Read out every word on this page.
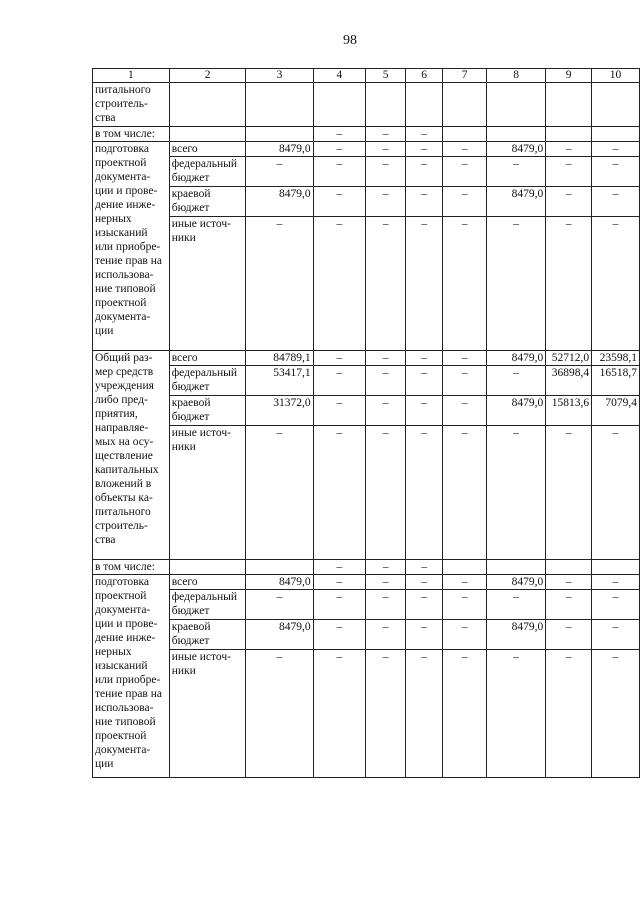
98
1	2	3	4	5	6	7	8	9	10
питального строитель-ства									
в том числе:			–	–	–				
подготовка проектной документа-ции и прове-дение инже-нерных изысканий или приобре-тение прав на использова-ние типовой проектной документа-ции	всего	8479,0	–	–	–	–	8479,0	–	–
	федеральный бюджет	–	–	–	–	–	–	–	–
	краевой бюджет	8479,0	–	–	–	–	8479,0	–	–
	иные источ-ники	–	–	–	–	–	–	–	–
Общий раз-мер средств учреждения либо пред-приятия, направляе-мых на осу-ществление капитальных вложений в объекты ка-питального строитель-ства	всего	84789,1	–	–	–	–	8479,0	52712,0	23598,1
	федеральный бюджет	53417,1	–	–	–	–	–	36898,4	16518,7
	краевой бюджет	31372,0	–	–	–	–	8479,0	15813,6	7079,4
	иные источ-ники	–	–	–	–	–	–	–	–
в том числе:			–	–	–				
подготовка проектной документа-ции и прове-дение инже-нерных изысканий или приобре-тение прав на использова-ние типовой проектной документа-ции	всего	8479,0	–	–	–	–	8479,0	–	–
	федеральный бюджет	–	–	–	–	–	–	–	–
	краевой бюджет	8479,0	–	–	–	–	8479,0	–	–
	иные источ-ники	–	–	–	–	–	–	–	–
